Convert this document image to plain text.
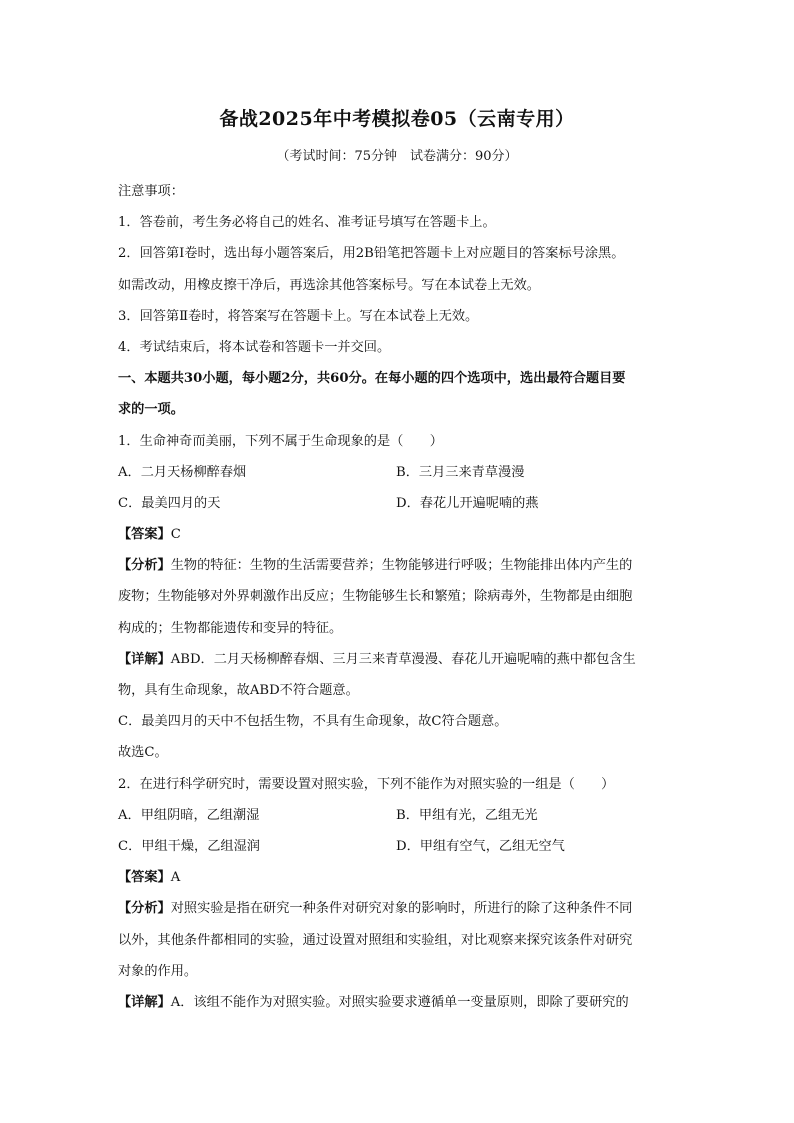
备战2025年中考模拟卷05（云南专用）
（考试时间：75分钟　试卷满分：90分）
注意事项：
1．答卷前，考生务必将自己的姓名、准考证号填写在答题卡上。
2．回答第Ⅰ卷时，选出每小题答案后，用2B铅笔把答题卡上对应题目的答案标号涂黑。
如需改动，用橡皮擦干净后，再选涂其他答案标号。写在本试卷上无效。
3．回答第Ⅱ卷时，将答案写在答题卡上。写在本试卷上无效。
4．考试结束后，将本试卷和答题卡一并交回。
一、本题共30小题，每小题2分，共60分。在每小题的四个选项中，选出最符合题目要
求的一项。
1．生命神奇而美丽，下列不属于生命现象的是（　　）
A．二月天杨柳醉春烟	B．三月三来青草漫漫
C．最美四月的天	D．春花儿开遍呢喃的燕
【答案】C
【分析】生物的特征：生物的生活需要营养；生物能够进行呼吸；生物能排出体内产生的
废物；生物能够对外界刺激作出反应；生物能够生长和繁殖；除病毒外，生物都是由细胞
构成的；生物都能遗传和变异的特征。
【详解】ABD．二月天杨柳醉春烟、三月三来青草漫漫、春花儿开遍呢喃的燕中都包含生
物，具有生命现象，故ABD不符合题意。
C．最美四月的天中不包括生物，不具有生命现象，故C符合题意。
故选C。
2．在进行科学研究时，需要设置对照实验，下列不能作为对照实验的一组是（　　）
A．甲组阴暗，乙组潮湿	B．甲组有光，乙组无光
C．甲组干燥，乙组湿润	D．甲组有空气，乙组无空气
【答案】A
【分析】对照实验是指在研究一种条件对研究对象的影响时，所进行的除了这种条件不同
以外，其他条件都相同的实验，通过设置对照组和实验组，对比观察来探究该条件对研究
对象的作用。
【详解】A．该组不能作为对照实验。对照实验要求遵循单一变量原则，即除了要研究的
